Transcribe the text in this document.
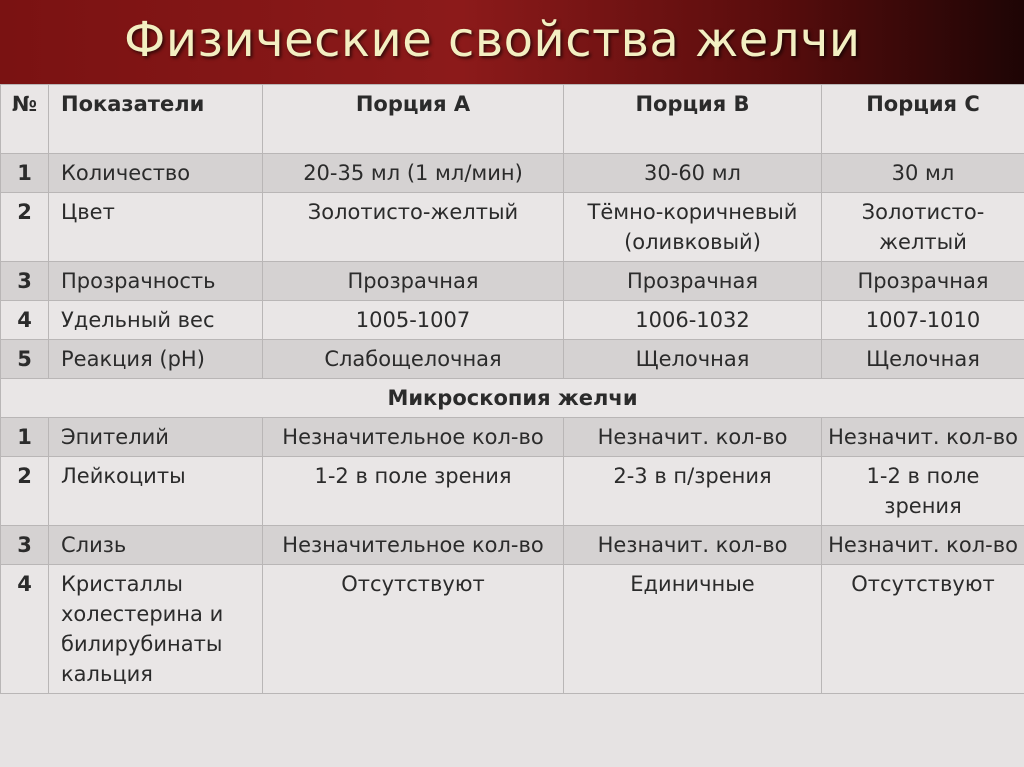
Физические свойства желчи
№	Показатели	Порция А	Порция В	Порция С
1	Количество	20-35 мл (1 мл/мин)	30-60 мл	30 мл
2	Цвет	Золотисто-желтый	Тёмно-коричневый (оливковый)	Золотисто-желтый
3	Прозрачность	Прозрачная	Прозрачная	Прозрачная
4	Удельный вес	1005-1007	1006-1032	1007-1010
5	Реакция (рН)	Слабощелочная	Щелочная	Щелочная
Микроскопия желчи				
1	Эпителий	Незначительное кол-во	Незначит. кол-во	Незначит. кол-во
2	Лейкоциты	1-2 в поле зрения	2-3 в п/зрения	1-2 в поле зрения
3	Слизь	Незначительное кол-во	Незначит. кол-во	Незначит. кол-во
4	Кристаллы холестерина и билирубинаты кальция	Отсутствуют	Единичные	Отсутствуют
